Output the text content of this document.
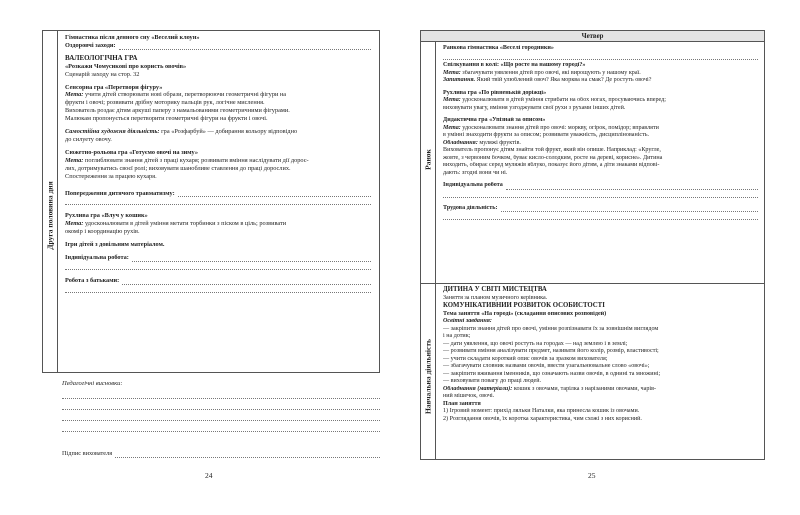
Друга половина дня
Гімнастика після денного сну «Веселий клоун»
Оздоровчі заходи:
ВАЛЕОЛОГІЧНА ГРА
«Розкажи Чомусикові про користь овочів»
Сценарій заходу на стор. 32
Сенсорна гра «Перетвори фігуру»
Мета: учити дітей створювати нові образи, перетворюючи геометричні фігури на
фрукти і овочі; розвивати дрібну моторику пальців рук, логічне мислення.
Вихователь роздає дітям аркуші паперу з намальованими геометричними фігурами.
Малюкам пропонується перетворити геометричні фігури на фрукти і овочі.
Самостійна художня діяльність: гра «Розфарбуй» — добирання кольору відповідно
до силуету овочу.
Сюжетно-рольова гра «Готуємо овочі на зиму»
Мета: поглиблювати знання дітей з праці кухаря; розвивати вміння наслідувати дії дорос-
лих, дотримуватись своєї ролі; виховувати шанобливе ставлення до праці дорослих.
Спостереження за працею кухаря.
Попередження дитячого травматизму:
Рухлива гра «Влуч у кошик»
Мета: удосконалювати в дітей уміння метати торбинки з піском в ціль; розвивати
окомір і координацію рухів.
Ігри дітей з довільним матеріалом.
Індивідуальна робота:
Робота з батьками:
Педагогічні висновки:
Підпис вихователя
24
Четвер
Ранок
Навчальна діяльність
Ранкова гімнастика «Веселі городники»
Спілкування в колі: «Що росте на нашому городі?»
Мета: збагачувати уявлення дітей про овочі, які вирощують у нашому краї.
Запитання. Який твій улюблений овоч? Яка морква на смак? Де ростуть овочі?
Рухлива гра «По рівненькій доріжці»
Мета: удосконалювати в дітей уміння стрибати на обох ногах, просуваючись вперед;
виховувати увагу, вміння узгоджувати свої рухи з рухами інших дітей.
Дидактична гра «Упізнай за описом»
Мета: удосконалювати знання дітей про овочі: моркву, огірок, помідор; вправляти
в умінні знаходити фрукти за описом; розвивати уважність, дисциплінованість.
Обладнання: муляжі фруктів.
Вихователь пропонує дітям знайти той фрукт, який він опише. Наприклад: «Кругле,
жовте, з червоним бочком, буває кисло-солодким, росте на дереві, корисне». Дитина
виходить, обирає серед муляжів яблуко, показує його дітям, а діти знаками відпові-
дають: згодні вони чи ні.
Індивідуальна робота
Трудова діяльність:
ДИТИНА У СВІТІ МИСТЕЦТВА
Заняття за планом музичного керівника.
КОМУНІКАТИВНИЙ РОЗВИТОК ОСОБИСТОСТІ
Тема заняття «На городі» (складання описових розповідей)
Освітні завдання:
— закріпити знання дітей про овочі, уміння розпізнавати їх за зовнішнім виглядом
і на дотик;
— дати уявлення, що овочі ростуть на городах — над землею і в землі;
— розвивати вміння аналізувати предмет, називати його колір, розмір, властивості;
— учити складати короткий опис овочів за зразком вихователя;
— збагачувати словник назвами овочів, ввести узагальнювальне слово «овочі»;
— закріпити вживання іменників, що означають назви овочів, в однині та множині;
— виховувати повагу до праці людей.
Обладнання (матеріали): кошик з овочами, тарілка з нарізаними овочами, чарів-
ний мішечок, овочі.
План заняття
1) Ігровий момент: прихід ляльки Наталки, яка принесла кошик із овочами.
2) Розглядання овочів, їх коротка характеристика, чим схожі з них корисний.
25
